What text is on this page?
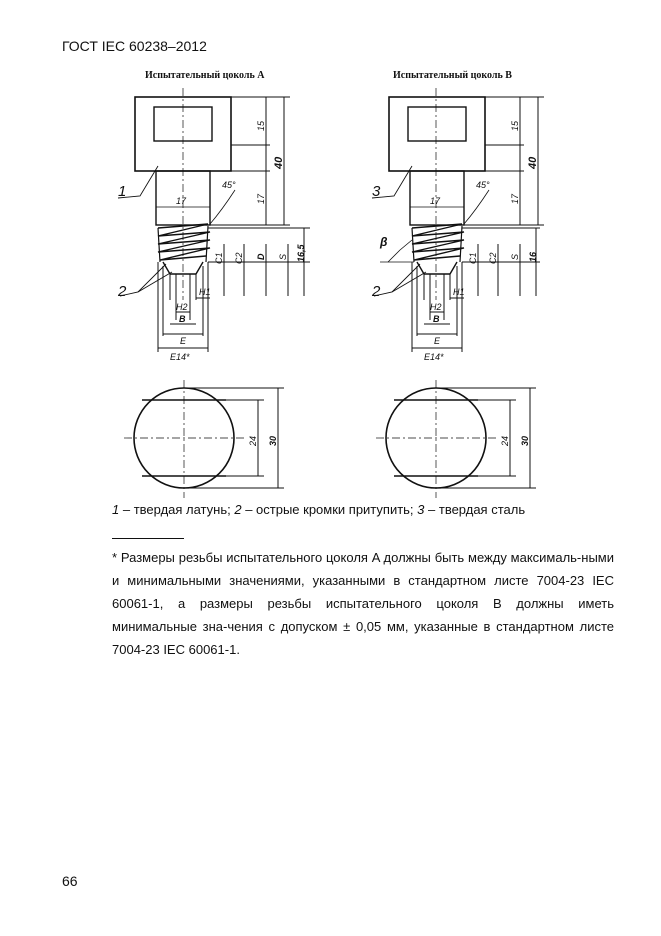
ГОСТ IEC 60238–2012
Испытательный цоколь A	Испытательный цоколь B
15
40
17
17
45°
C1 C2 D S 16,5
H1
H2
B
E
E14*
1
2
24 30
15
40
17
17
45°
C1 C2 S 16
β
H1
H2
B
E
E14*
3
2
24 30
1 – твердая латунь; 2 – острые кромки притупить; 3 – твердая сталь
* Размеры резьбы испытательного цоколя A должны быть между максималь-ными и минимальными значениями, указанными в стандартном листе 7004-23 IEC 60061-1, а размеры резьбы испытательного цоколя B должны иметь минимальные зна-чения с допуском ± 0,05 мм, указанные в стандартном листе 7004-23 IEC 60061-1.
66
